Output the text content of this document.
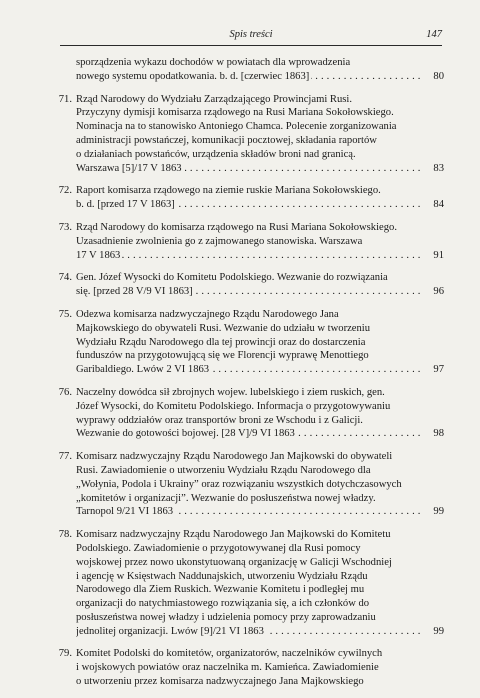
Spis treści	147
sporządzenia wykazu dochodów w powiatach dla wprowadzenia
nowego systemu opodatkowania. b. d. [czerwiec 1863]	80
. . .
71. Rząd Narodowy do Wydziału Zarządzającego Prowincjami Rusi.
Przyczyny dymisji komisarza rządowego na Rusi Mariana Sokołowskiego.
Nominacja na to stanowisko Antoniego Chamca. Polecenie zorganizowania
administracji powstańczej, komunikacji pocztowej, składania raportów
o działaniach powstańców, urządzenia składów broni nad granicą.
Warszawa [5]/17 V 1863	83
. . .
72. Raport komisarza rządowego na ziemie ruskie Mariana Sokołowskiego.
b. d. [przed 17 V 1863]	84
. . .
73. Rząd Narodowy do komisarza rządowego na Rusi Mariana Sokołowskiego.
Uzasadnienie zwolnienia go z zajmowanego stanowiska. Warszawa
17 V 1863	91
. . .
74. Gen. Józef Wysocki do Komitetu Podolskiego. Wezwanie do rozwiązania
się. [przed 28 V/9 VI 1863]	96
. . .
75. Odezwa komisarza nadzwyczajnego Rządu Narodowego Jana
Majkowskiego do obywateli Rusi. Wezwanie do udziału w tworzeniu
Wydziału Rządu Narodowego dla tej prowincji oraz do dostarczenia
funduszów na przygotowującą się we Florencji wyprawę Menottiego
Garibaldiego. Lwów 2 VI 1863	97
. . .
76. Naczelny dowódca sił zbrojnych wojew. lubelskiego i ziem ruskich, gen.
Józef Wysocki, do Komitetu Podolskiego. Informacja o przygotowywaniu
wyprawy oddziałów oraz transportów broni ze Wschodu i z Galicji.
Wezwanie do gotowości bojowej. [28 V]/9 VI 1863	98
. . .
77. Komisarz nadzwyczajny Rządu Narodowego Jan Majkowski do obywateli
Rusi. Zawiadomienie o utworzeniu Wydziału Rządu Narodowego dla
„Wołynia, Podola i Ukrainy” oraz rozwiązaniu wszystkich dotychczasowych
„komitetów i organizacji”. Wezwanie do posłuszeństwa nowej władzy.
Tarnopol 9/21 VI 1863	99
. . .
78. Komisarz nadzwyczajny Rządu Narodowego Jan Majkowski do Komitetu
Podolskiego. Zawiadomienie o przygotowywanej dla Rusi pomocy
wojskowej przez nowo ukonstytuowaną organizację w Galicji Wschodniej
i agencję w Księstwach Naddunajskich, utworzeniu Wydziału Rządu
Narodowego dla Ziem Ruskich. Wezwanie Komitetu i podległej mu
organizacji do natychmiastowego rozwiązania się, a ich członków do
posłuszeństwa nowej władzy i udzielenia pomocy przy zaprowadzaniu
jednolitej organizacji. Lwów [9]/21 VI 1863	99
. . .
79. Komitet Podolski do komitetów, organizatorów, naczelników cywilnych
i wojskowych powiatów oraz naczelnika m. Kamieńca. Zawiadomienie
o utworzeniu przez komisarza nadzwyczajnego Jana Majkowskiego
